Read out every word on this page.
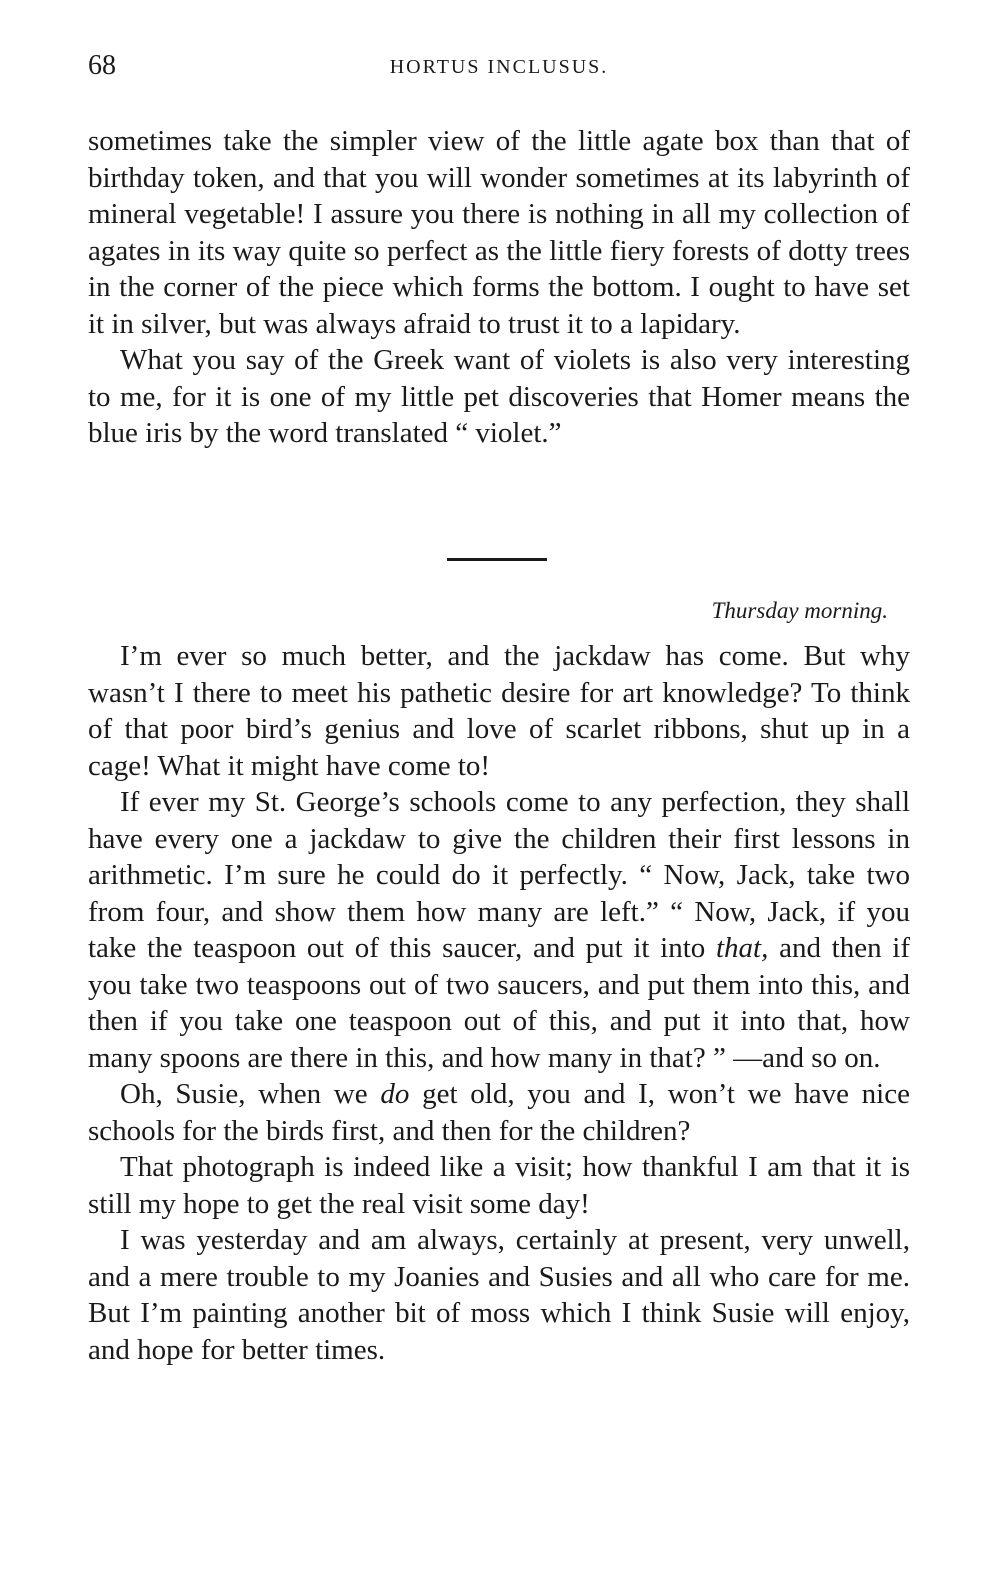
68	HORTUS INCLUSUS.

sometimes take the simpler view of the little agate box than that of birthday token, and that you will wonder sometimes at its labyrinth of mineral vegetable! I assure you there is nothing in all my collection of agates in its way quite so perfect as the little fiery forests of dotty trees in the corner of the piece which forms the bottom. I ought to have set it in silver, but was always afraid to trust it to a lapidary.

What you say of the Greek want of violets is also very interesting to me, for it is one of my little pet discoveries that Homer means the blue iris by the word translated “ violet.”

Thursday morning.

I’m ever so much better, and the jackdaw has come. But why wasn’t I there to meet his pathetic desire for art knowledge? To think of that poor bird’s genius and love of scarlet ribbons, shut up in a cage! What it might have come to!

If ever my St. George’s schools come to any perfection, they shall have every one a jackdaw to give the children their first lessons in arithmetic. I’m sure he could do it perfectly. “ Now, Jack, take two from four, and show them how many are left.” “ Now, Jack, if you take the teaspoon out of this saucer, and put it into that, and then if you take two teaspoons out of two saucers, and put them into this, and then if you take one teaspoon out of this, and put it into that, how many spoons are there in this, and how many in that? ” —and so on.

Oh, Susie, when we do get old, you and I, won’t we have nice schools for the birds first, and then for the children?

That photograph is indeed like a visit; how thankful I am that it is still my hope to get the real visit some day!

I was yesterday and am always, certainly at present, very unwell, and a mere trouble to my Joanies and Susies and all who care for me. But I’m painting another bit of moss which I think Susie will enjoy, and hope for better times.
